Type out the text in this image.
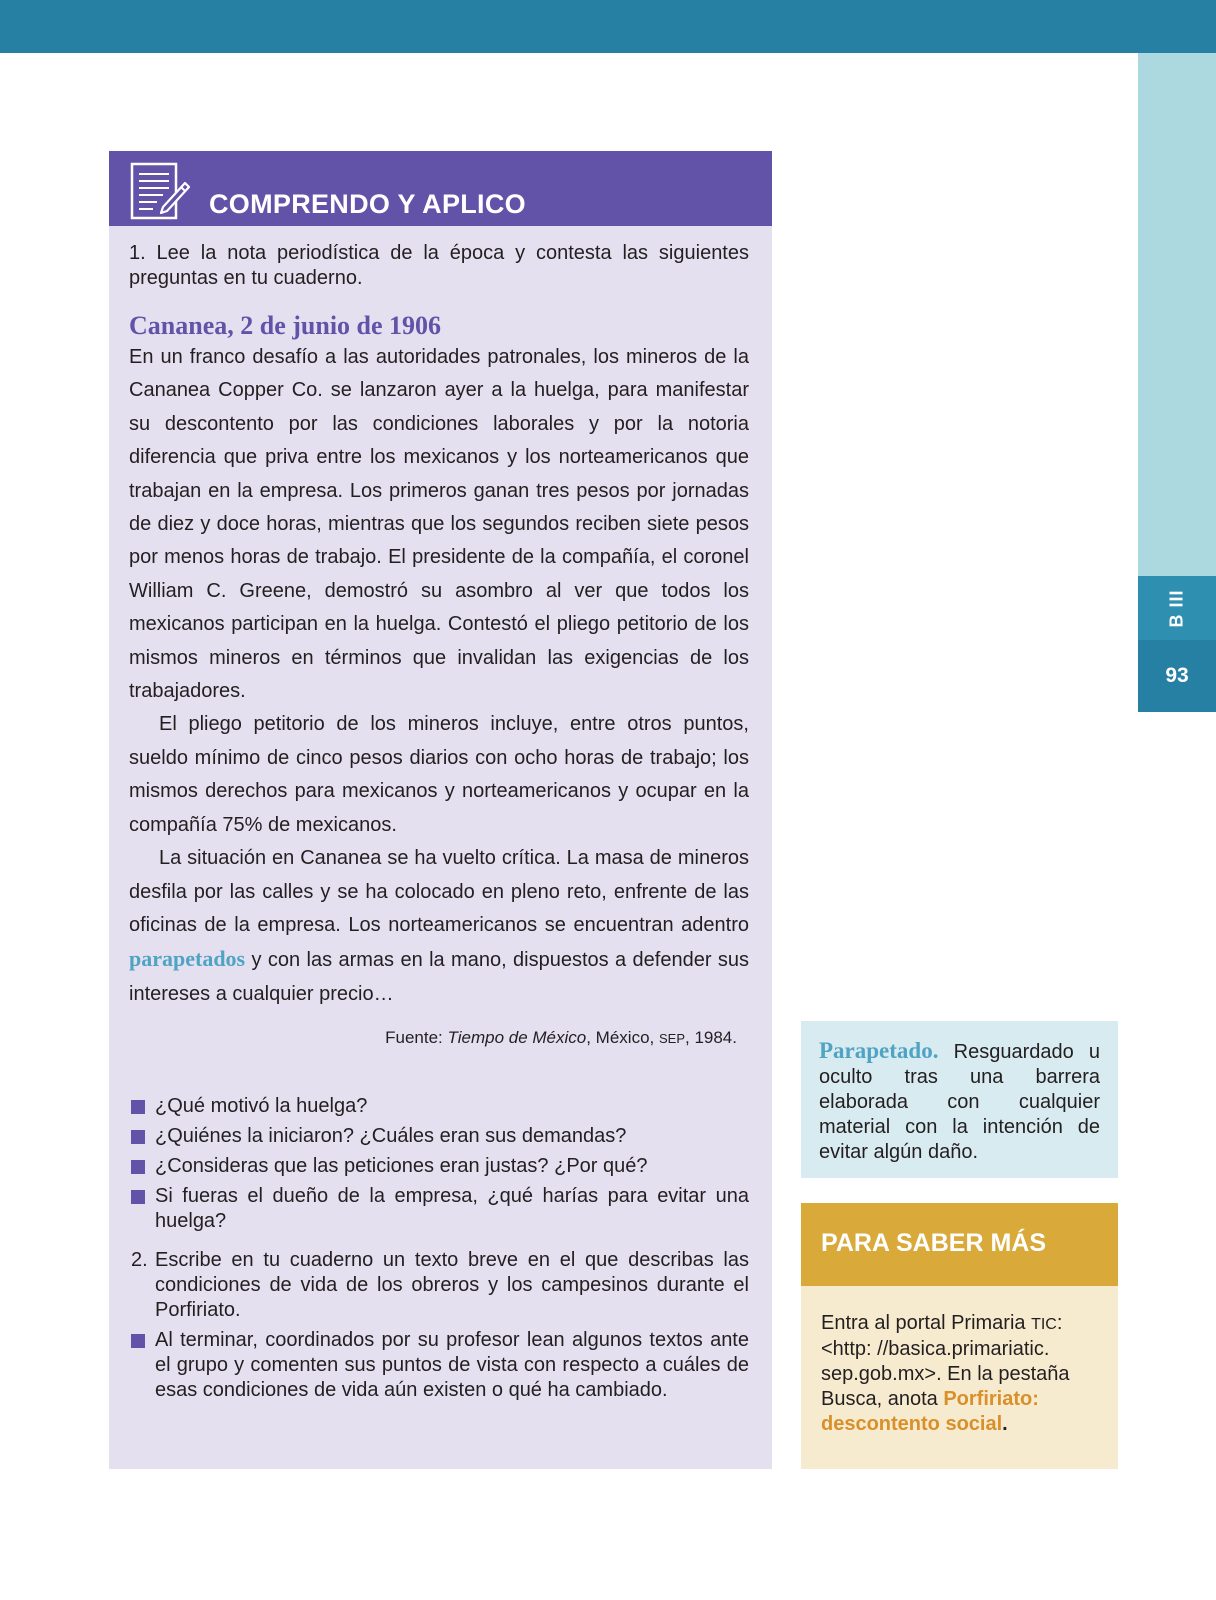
B III
93
COMPRENDO Y APLICO

1. Lee la nota periodística de la época y contesta las siguientes preguntas en tu cuaderno.

Cananea, 2 de junio de 1906

En un franco desafío a las autoridades patronales, los mineros de la Cananea Copper Co. se lanzaron ayer a la huelga, para manifestar su descontento por las condiciones laborales y por la notoria diferencia que priva entre los mexicanos y los norteamericanos que trabajan en la empresa. Los primeros ganan tres pesos por jornadas de diez y doce horas, mientras que los segundos reciben siete pesos por menos horas de trabajo. El presidente de la compañía, el coronel William C. Greene, demostró su asombro al ver que todos los mexicanos participan en la huelga. Contestó el pliego petitorio de los mismos mineros en términos que invalidan las exigencias de los trabajadores.

El pliego petitorio de los mineros incluye, entre otros puntos, sueldo mínimo de cinco pesos diarios con ocho horas de trabajo; los mismos derechos para mexicanos y norteamericanos y ocupar en la compañía 75% de mexicanos.

La situación en Cananea se ha vuelto crítica. La masa de mineros desfila por las calles y se ha colocado en pleno reto, enfrente de las oficinas de la empresa. Los norteamericanos se encuentran adentro parapetados y con las armas en la mano, dispuestos a defender sus intereses a cualquier precio…

Fuente: Tiempo de México, México, SEP, 1984.

¿Qué motivó la huelga?
¿Quiénes la iniciaron? ¿Cuáles eran sus demandas?
¿Consideras que las peticiones eran justas? ¿Por qué?
Si fueras el dueño de la empresa, ¿qué harías para evitar una huelga?
2. Escribe en tu cuaderno un texto breve en el que describas las condiciones de vida de los obreros y los campesinos durante el Porfiriato.
Al terminar, coordinados por su profesor lean algunos textos ante el grupo y comenten sus puntos de vista con respecto a cuáles de esas condiciones de vida aún existen o qué ha cambiado.
Parapetado. Resguardado u oculto tras una barrera elaborada con cualquier material con la intención de evitar algún daño.
PARA SABER MÁS
Entra al portal Primaria TIC: <http: //basica.primariatic. sep.gob.mx>. En la pestaña Busca, anota Porfiriato: descontento social.
